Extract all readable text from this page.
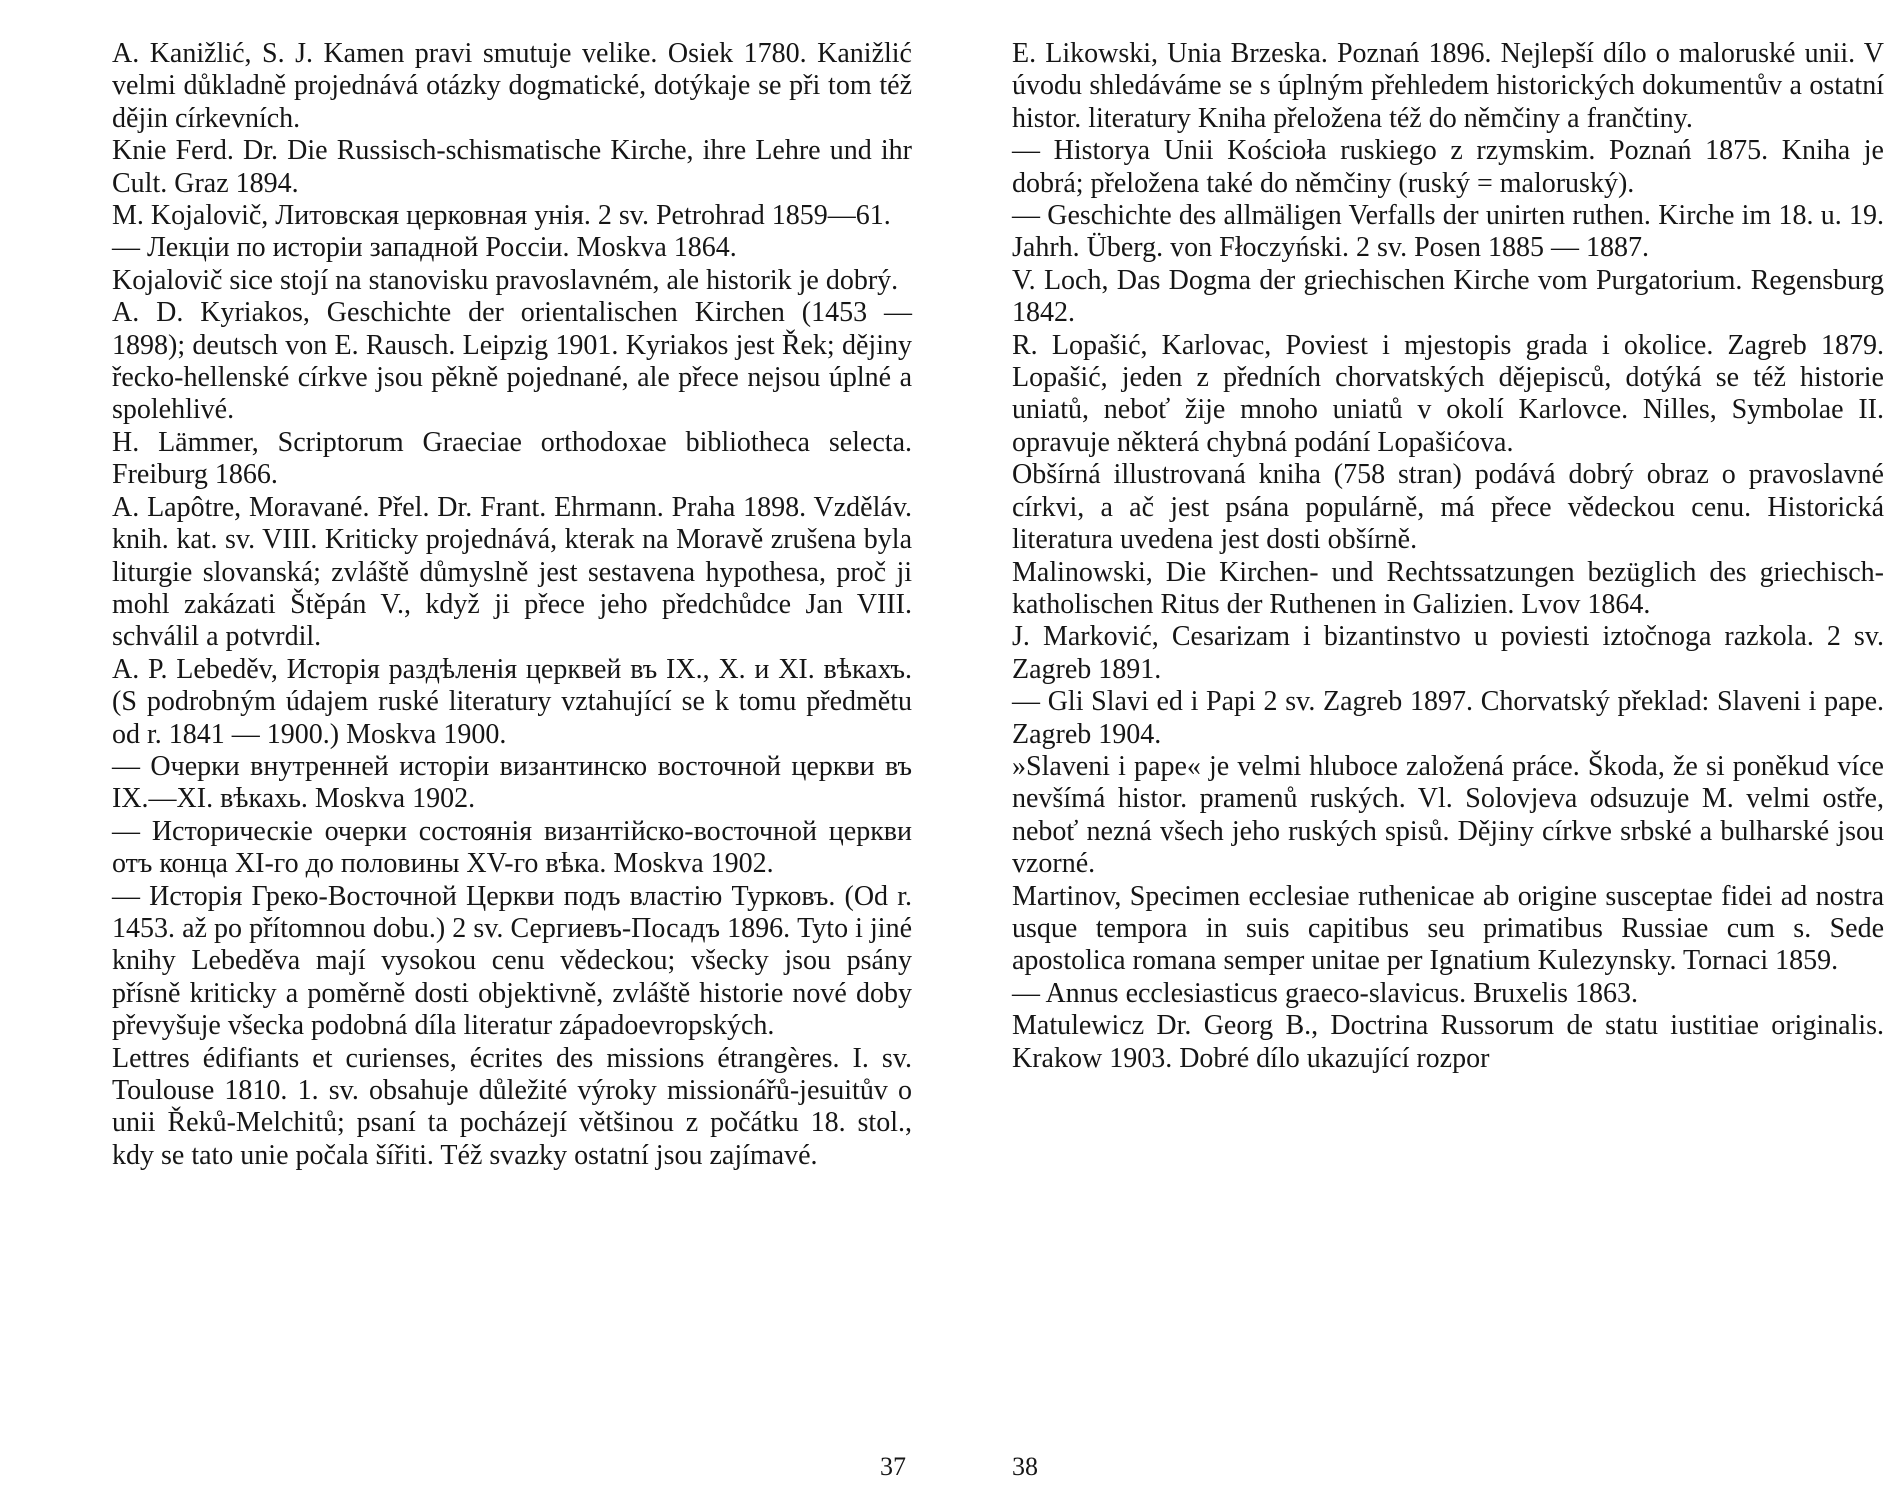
A. Kanižlić, S. J. Kamen pravi smutuje velike. Osiek 1780. Kanižlić velmi důkladně projednává otázky dogmatické, dotýkaje se při tom též dějin církevních.

Knie Ferd. Dr. Die Russisch-schismatische Kirche, ihre Lehre und ihr Cult. Graz 1894.

M. Kojalovič, Литовская церковная унія. 2 sv. Petrohrad 1859—61.

— Лекціи по исторіи западной Россіи. Moskva 1864.

Kojalovič sice stojí na stanovisku pravoslavném, ale historik je dobrý.

A. D. Kyriakos, Geschichte der orientalischen Kirchen (1453 — 1898); deutsch von E. Rausch. Leipzig 1901. Kyriakos jest Řek; dějiny řecko-hellenské církve jsou pěkně pojednané, ale přece nejsou úplné a spolehlivé.

H. Lämmer, Scriptorum Graeciae orthodoxae bibliotheca selecta. Freiburg 1866.

A. Lapôtre, Moravané. Přel. Dr. Frant. Ehrmann. Praha 1898. Vzděláv. knih. kat. sv. VIII. Kriticky projednává, kterak na Moravě zrušena byla liturgie slovanská; zvláště důmyslně jest sestavena hypothesa, proč ji mohl zakázati Štěpán V., když ji přece jeho předchůdce Jan VIII. schválil a potvrdil.

A. P. Lebeděv, Исторія раздѣленія церквей въ IX., X. и XI. вѣкахъ. (S podrobným údajem ruské literatury vztahující se k tomu předmětu od r. 1841 — 1900.) Moskva 1900.

— Очерки внутренней исторіи византинско восточной церкви въ IX.—XI. вѣкахь. Moskva 1902.

— Историческіе очерки состоянія византійско-восточной церкви отъ конца XI-го до половины XV-го вѣка. Moskva 1902.

— Исторія Греко-Восточной Церкви подъ властію Турковъ. (Od r. 1453. až po přítomnou dobu.) 2 sv. Сергиевъ-Посадъ 1896. Tyto i jiné knihy Lebeděva mají vysokou cenu vědeckou; všecky jsou psány přísně kriticky a poměrně dosti objektivně, zvláště historie nové doby převyšuje všecka podobná díla literatur západoevropských.

Lettres édifiants et curienses, écrites des missions étrangères. I. sv. Toulouse 1810. 1. sv. obsahuje důležité výroky missionářů-jesuitův o unii Řeků-Melchitů; psaní ta pocházejí většinou z počátku 18. stol., kdy se tato unie počala šířiti. Též svazky ostatní jsou zajímavé.

E. Likowski, Unia Brzeska. Poznań 1896. Nejlepší dílo o maloruské unii. V úvodu shledáváme se s úplným přehledem historických dokumentův a ostatní histor. literatury Kniha přeložena též do němčiny a frančtiny.

— Historya Unii Kościoła ruskiego z rzymskim. Poznań 1875. Kniha je dobrá; přeložena také do němčiny (ruský = maloruský).

— Geschichte des allmäligen Verfalls der unirten ruthen. Kirche im 18. u. 19. Jahrh. Überg. von Fłoczyński. 2 sv. Posen 1885 — 1887.

V. Loch, Das Dogma der griechischen Kirche vom Purgatorium. Regensburg 1842.

R. Lopašić, Karlovac, Poviest i mjestopis grada i okolice. Zagreb 1879. Lopašić, jeden z předních chorvatských dějepisců, dotýká se též historie uniatů, neboť žije mnoho uniatů v okolí Karlovce. Nilles, Symbolae II. opravuje některá chybná podání Lopašićova.

Obšírná illustrovaná kniha (758 stran) podává dobrý obraz o pravoslavné církvi, a ač jest psána populárně, má přece vědeckou cenu. Historická literatura uvedena jest dosti obšírně.

Malinowski, Die Kirchen- und Rechtssatzungen bezüglich des griechisch-katholischen Ritus der Ruthenen in Galizien. Lvov 1864.

J. Marković, Cesarizam i bizantinstvo u poviesti iztočnoga razkola. 2 sv. Zagreb 1891.

— Gli Slavi ed i Papi 2 sv. Zagreb 1897. Chorvatský překlad: Slaveni i pape. Zagreb 1904.

»Slaveni i pape« je velmi hluboce založená práce. Škoda, že si poněkud více nevšímá histor. pramenů ruských. Vl. Solovjeva odsuzuje M. velmi ostře, neboť nezná všech jeho ruských spisů. Dějiny církve srbské a bulharské jsou vzorné.

Martinov, Specimen ecclesiae ruthenicae ab origine susceptae fidei ad nostra usque tempora in suis capitibus seu primatibus Russiae cum s. Sede apostolica romana semper unitae per Ignatium Kulezynsky. Tornaci 1859.

— Annus ecclesiasticus graeco-slavicus. Bruxelis 1863.

Matulewicz Dr. Georg B., Doctrina Russorum de statu iustitiae originalis. Krakow 1903. Dobré dílo ukazující rozpor

37	38
